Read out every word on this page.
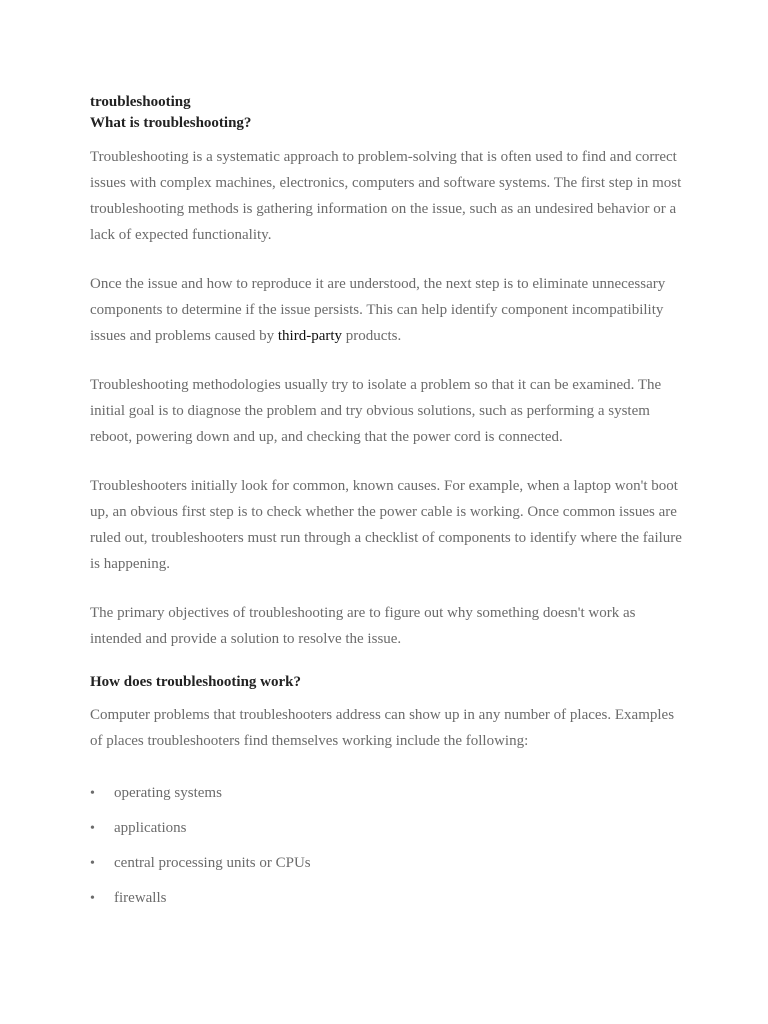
troubleshooting
What is troubleshooting?

Troubleshooting is a systematic approach to problem-solving that is often used to find and correct issues with complex machines, electronics, computers and software systems. The first step in most troubleshooting methods is gathering information on the issue, such as an undesired behavior or a lack of expected functionality.

Once the issue and how to reproduce it are understood, the next step is to eliminate unnecessary components to determine if the issue persists. This can help identify component incompatibility issues and problems caused by third-party products.

Troubleshooting methodologies usually try to isolate a problem so that it can be examined. The initial goal is to diagnose the problem and try obvious solutions, such as performing a system reboot, powering down and up, and checking that the power cord is connected.

Troubleshooters initially look for common, known causes. For example, when a laptop won't boot up, an obvious first step is to check whether the power cable is working. Once common issues are ruled out, troubleshooters must run through a checklist of components to identify where the failure is happening.

The primary objectives of troubleshooting are to figure out why something doesn't work as intended and provide a solution to resolve the issue.

How does troubleshooting work?

Computer problems that troubleshooters address can show up in any number of places. Examples of places troubleshooters find themselves working include the following:

• operating systems
• applications
• central processing units or CPUs
• firewalls
